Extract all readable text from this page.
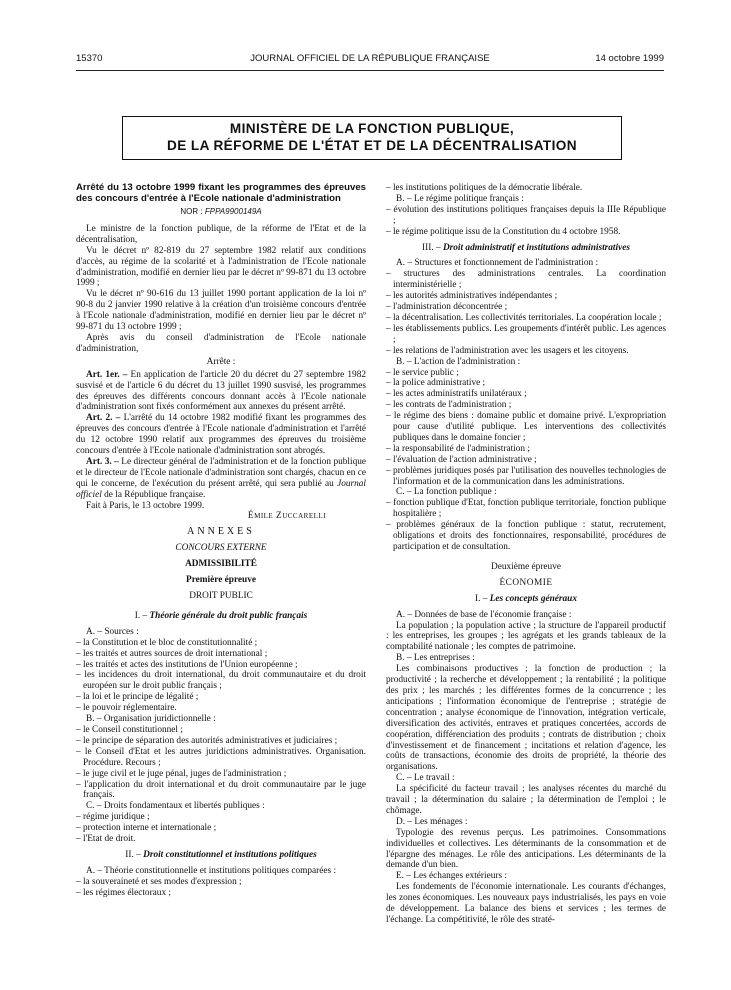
JOURNAL OFFICIEL DE LA RÉPUBLIQUE FRANÇAISE
15370	14 octobre 1999
MINISTÈRE DE LA FONCTION PUBLIQUE,
DE LA RÉFORME DE L'ÉTAT ET DE LA DÉCENTRALISATION

Arrêté du 13 octobre 1999 fixant les programmes des épreuves des concours d'entrée à l'Ecole nationale d'administration

NOR : FPPA9900149A

Le ministre de la fonction publique, de la réforme de l'Etat et de la décentralisation,

Vu le décret nº 82-819 du 27 septembre 1982 relatif aux conditions d'accès, au régime de la scolarité et à l'administration de l'Ecole nationale d'administration, modifié en dernier lieu par le décret nº 99-871 du 13 octobre 1999 ;

Vu le décret nº 90-616 du 13 juillet 1990 portant application de la loi nº 90-8 du 2 janvier 1990 relative à la création d'un troisième concours d'entrée à l'Ecole nationale d'administration, modifié en dernier lieu par le décret nº 99-871 du 13 octobre 1999 ;

Après avis du conseil d'administration de l'Ecole nationale d'administration,

Arrête :

Art. 1er. – En application de l'article 20 du décret du 27 septembre 1982 susvisé et de l'article 6 du décret du 13 juillet 1990 susvisé, les programmes des épreuves des différents concours donnant accès à l'Ecole nationale d'administration sont fixés conformément aux annexes du présent arrêté.

Art. 2. – L'arrêté du 14 octobre 1982 modifié fixant les programmes des épreuves des concours d'entrée à l'Ecole nationale d'administration et l'arrêté du 12 octobre 1990 relatif aux programmes des épreuves du troisième concours d'entrée à l'Ecole nationale d'administration sont abrogés.

Art. 3. – Le directeur général de l'administration et de la fonction publique et le directeur de l'Ecole nationale d'administration sont chargés, chacun en ce qui le concerne, de l'exécution du présent arrêté, qui sera publié au Journal officiel de la République française.

Fait à Paris, le 13 octobre 1999.

Émile Zuccarelli

ANNEXES

CONCOURS EXTERNE

ADMISSIBILITÉ

Première épreuve

DROIT PUBLIC

I. – Théorie générale du droit public français

A. – Sources :

– la Constitution et le bloc de constitutionnalité ;

– les traités et autres sources de droit international ;

– les traités et actes des institutions de l'Union européenne ;

– les incidences du droit international, du droit communautaire et du droit européen sur le droit public français ;

– la loi et le principe de légalité ;

– le pouvoir réglementaire.

B. – Organisation juridictionnelle :

– le Conseil constitutionnel ;

– le principe de séparation des autorités administratives et judiciaires ;

– le Conseil d'Etat et les autres juridictions administratives. Organisation. Procédure. Recours ;

– le juge civil et le juge pénal, juges de l'administration ;

– l'application du droit international et du droit communautaire par le juge français.

C. – Droits fondamentaux et libertés publiques :

– régime juridique ;

– protection interne et internationale ;

– l'Etat de droit.

II. – Droit constitutionnel et institutions politiques

A. – Théorie constitutionnelle et institutions politiques comparées :

– la souveraineté et ses modes d'expression ;

– les régimes électoraux ;

– les institutions politiques de la démocratie libérale.

B. – Le régime politique français :

– évolution des institutions politiques françaises depuis la IIIe République ;

– le régime politique issu de la Constitution du 4 octobre 1958.

III. – Droit administratif et institutions administratives

A. – Structures et fonctionnement de l'administration :

– structures des administrations centrales. La coordination interministérielle ;

– les autorités administratives indépendantes ;

– l'administration déconcentrée ;

– la décentralisation. Les collectivités territoriales. La coopération locale ;

– les établissements publics. Les groupements d'intérêt public. Les agences ;

– les relations de l'administration avec les usagers et les citoyens.

B. – L'action de l'administration :

– le service public ;

– la police administrative ;

– les actes administratifs unilatéraux ;

– les contrats de l'administration ;

– le régime des biens : domaine public et domaine privé. L'expropriation pour cause d'utilité publique. Les interventions des collectivités publiques dans le domaine foncier ;

– la responsabilité de l'administration ;

– l'évaluation de l'action administrative ;

– problèmes juridiques posés par l'utilisation des nouvelles technologies de l'information et de la communication dans les administrations.

C. – La fonction publique :

– fonction publique d'Etat, fonction publique territoriale, fonction publique hospitalière ;

– problèmes généraux de la fonction publique : statut, recrutement, obligations et droits des fonctionnaires, responsabilité, procédures de participation et de consultation.

Deuxième épreuve

ÉCONOMIE

I. – Les concepts généraux

A. – Données de base de l'économie française :

La population ; la population active ; la structure de l'appareil productif : les entreprises, les groupes ; les agrégats et les grands tableaux de la comptabilité nationale ; les comptes de patrimoine.

B. – Les entreprises :

Les combinaisons productives ; la fonction de production ; la productivité ; la recherche et développement ; la rentabilité ; la politique des prix ; les marchés ; les différentes formes de la concurrence ; les anticipations ; l'information économique de l'entreprise ; stratégie de concentration ; analyse économique de l'innovation, intégration verticale, diversification des activités, entraves et pratiques concertées, accords de coopération, différenciation des produits ; contrats de distribution ; choix d'investissement et de financement ; incitations et relation d'agence, les coûts de transactions, économie des droits de propriété, la théorie des organisations.

C. – Le travail :

La spécificité du facteur travail ; les analyses récentes du marché du travail ; la détermination du salaire ; la détermination de l'emploi ; le chômage.

D. – Les ménages :

Typologie des revenus perçus. Les patrimoines. Consommations individuelles et collectives. Les déterminants de la consommation et de l'épargne des ménages. Le rôle des anticipations. Les déterminants de la demande d'un bien.

E. – Les échanges extérieurs :

Les fondements de l'économie internationale. Les courants d'échanges, les zones économiques. Les nouveaux pays industrialisés, les pays en voie de développement. La balance des biens et services ; les termes de l'échange. La compétitivité, le rôle des straté-
